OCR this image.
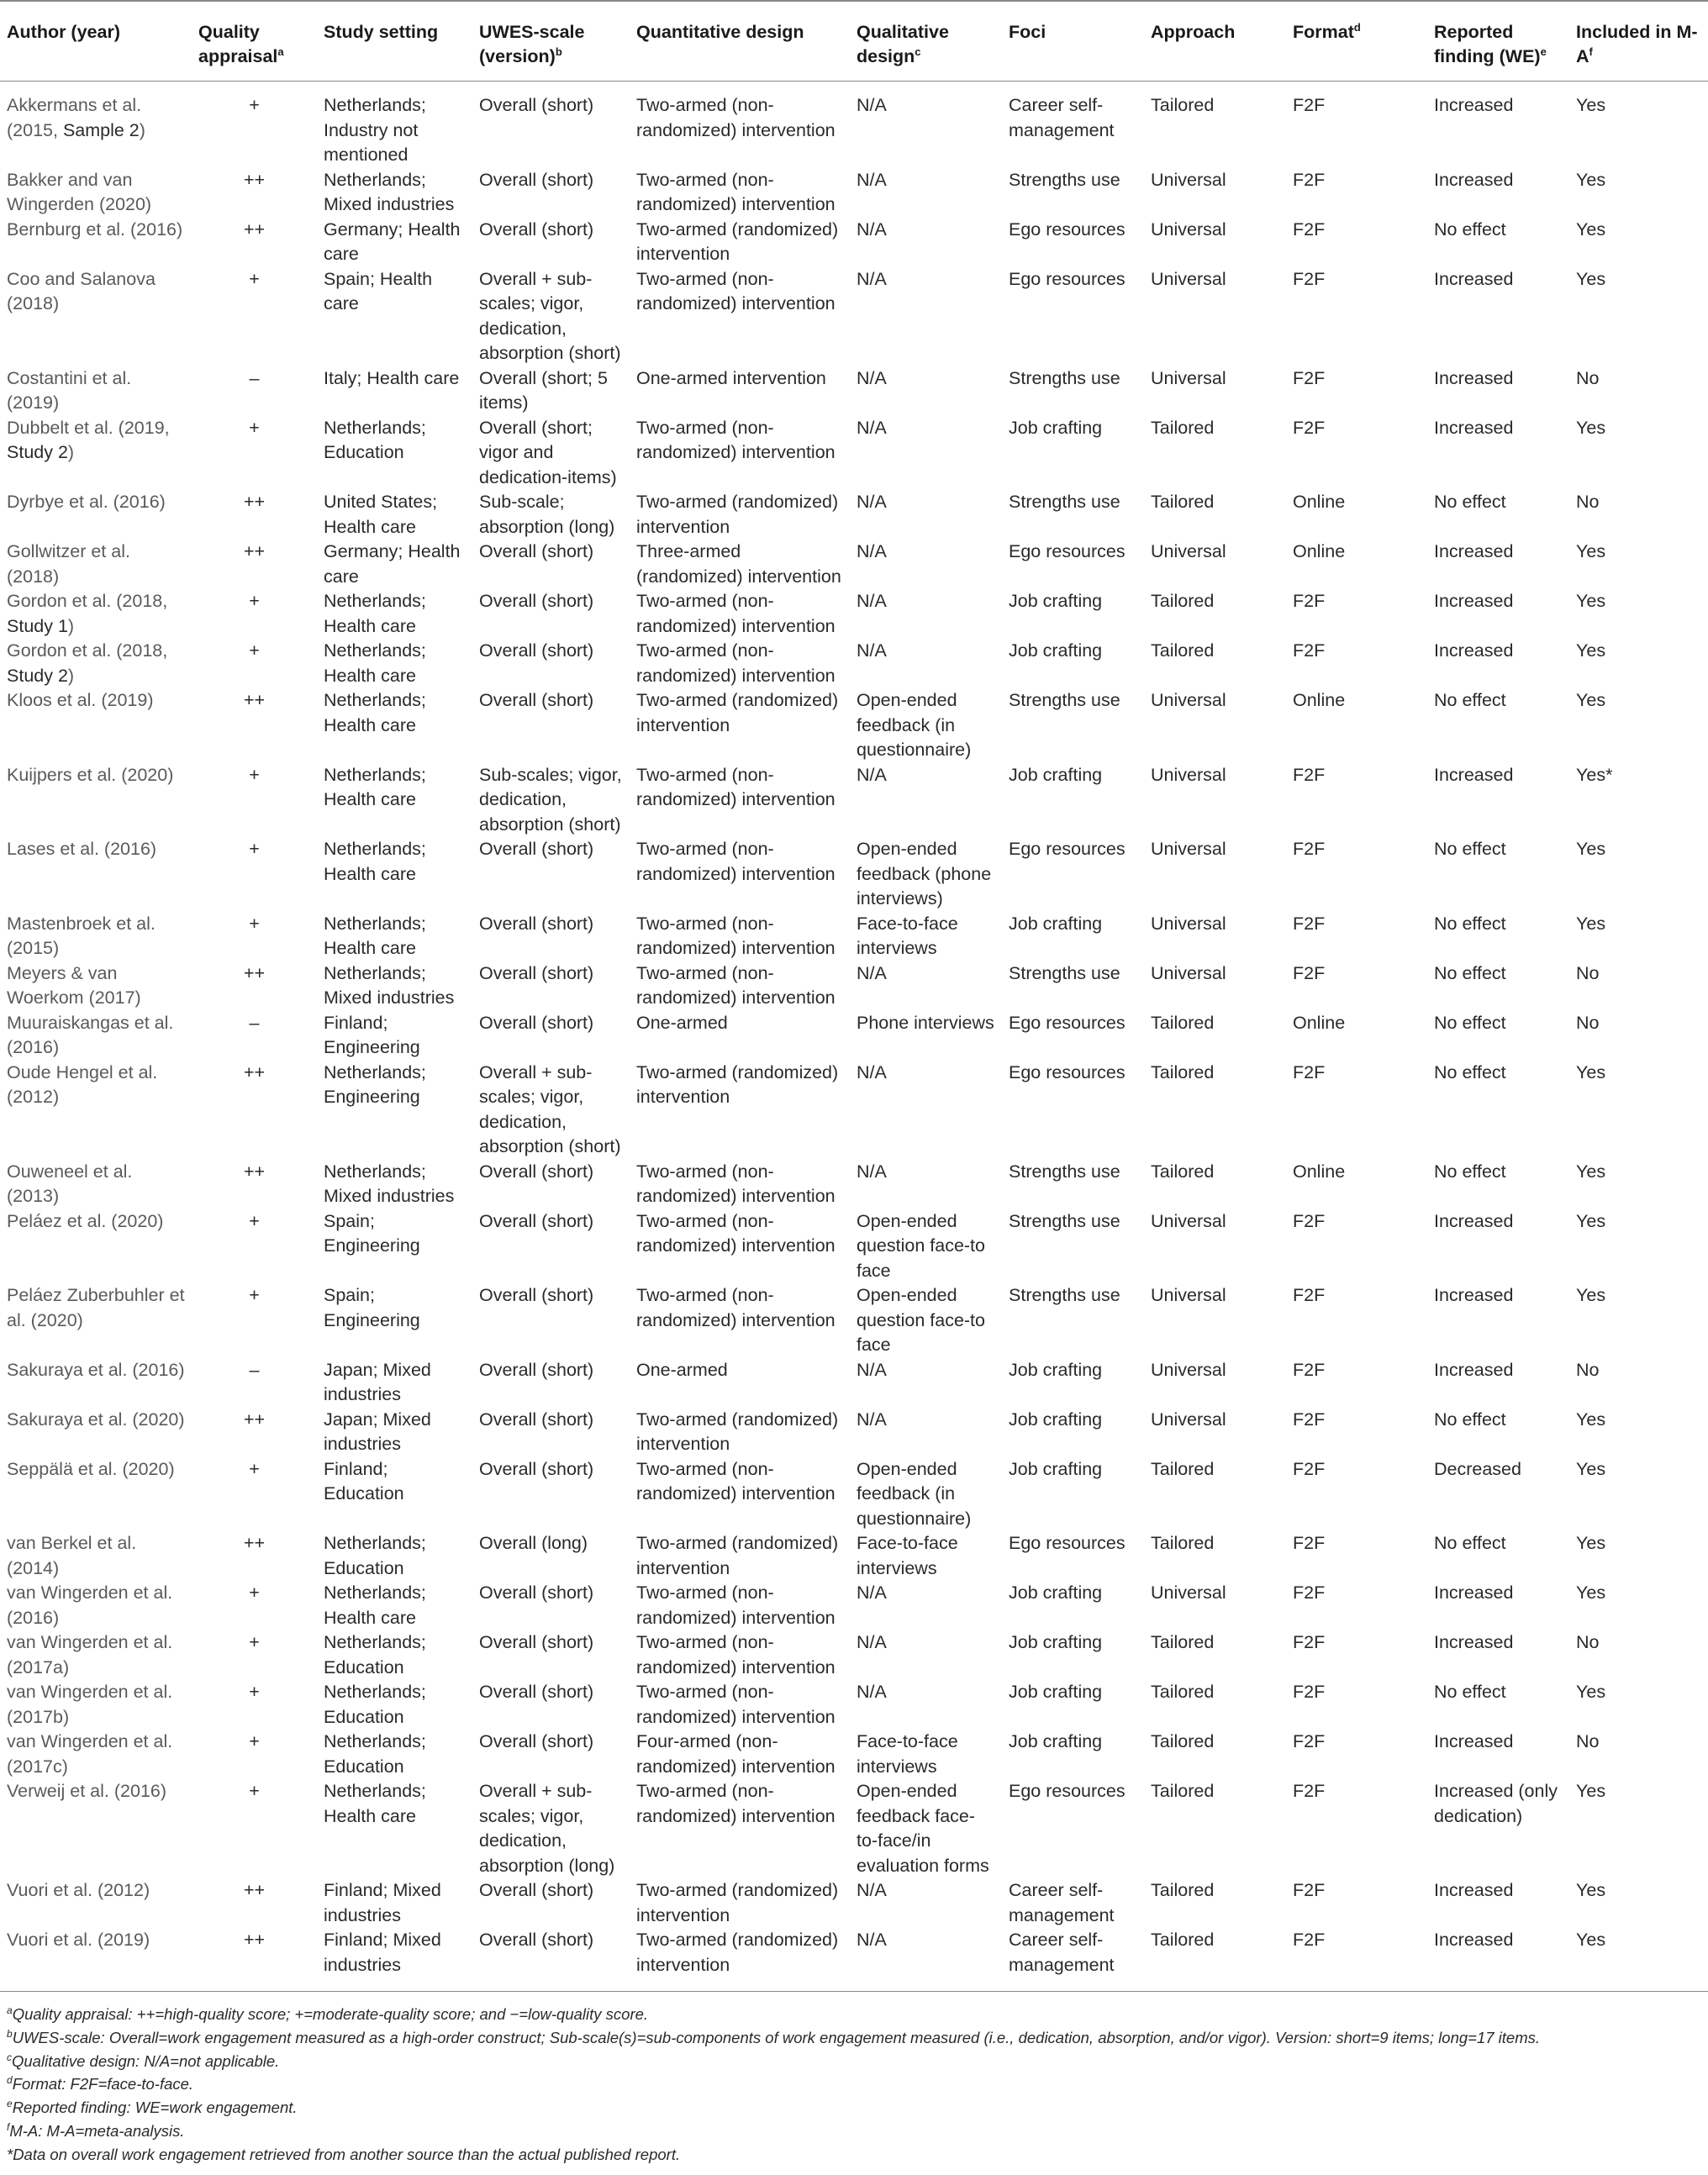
Author (year)	Quality appraisal$^a$	Study setting	UWES-scale (version)$^b$	Quantitative design	Qualitative design$^c$	Foci	Approach	Format$^d$	Reported finding (WE)$^e$	Included in $M-A^f$
Akkermans et al. (2015, Sample 2)	+	Netherlands; Industry not mentioned	Overall (short)	Two-armed (non-randomized) intervention	N/A	Career self-management	Tailored	F2F	Increased	Yes
Bakker and van Wingerden (2020)	++	Netherlands; Mixed industries	Overall (short)	Two-armed (non-randomized) intervention	N/A	Strengths use	Universal	F2F	Increased	Yes
Bernburg et al. (2016)	++	Germany; Health care	Overall (short)	Two-armed (randomized) intervention	N/A	Ego resources	Universal	F2F	No effect	Yes
Coo and Salanova (2018)	+	Spain; Health care	Overall + sub-scales; vigor, dedication, absorption (short)	Two-armed (non-randomized) intervention	N/A	Ego resources	Universal	F2F	Increased	Yes
Costantini et al. (2019)	–	Italy; Health care	Overall (short; 5 items)	One-armed intervention	N/A	Strengths use	Universal	F2F	Increased	No
Dubbelt et al. (2019, Study 2)	+	Netherlands; Education	Overall (short; vigor and dedication-items)	Two-armed (non-randomized) intervention	N/A	Job crafting	Tailored	F2F	Increased	Yes
Dyrbye et al. (2016)	++	United States; Health care	Sub-scale; absorption (long)	Two-armed (randomized) intervention	N/A	Strengths use	Tailored	Online	No effect	No
Gollwitzer et al. (2018)	++	Germany; Health care	Overall (short)	Three-armed (randomized) intervention	N/A	Ego resources	Universal	Online	Increased	Yes
Gordon et al. (2018, Study 1)	+	Netherlands; Health care	Overall (short)	Two-armed (non-randomized) intervention	N/A	Job crafting	Tailored	F2F	Increased	Yes
Gordon et al. (2018, Study 2)	+	Netherlands; Health care	Overall (short)	Two-armed (non-randomized) intervention	N/A	Job crafting	Tailored	F2F	Increased	Yes
Kloos et al. (2019)	++	Netherlands; Health care	Overall (short)	Two-armed (randomized) intervention	Open-ended feedback (in questionnaire)	Strengths use	Universal	Online	No effect	Yes
Kuijpers et al. (2020)	+	Netherlands; Health care	Sub-scales; vigor, dedication, absorption (short)	Two-armed (non-randomized) intervention	N/A	Job crafting	Universal	F2F	Increased	Yes*
Lases et al. (2016)	+	Netherlands; Health care	Overall (short)	Two-armed (non-randomized) intervention	Open-ended feedback (phone interviews)	Ego resources	Universal	F2F	No effect	Yes
Mastenbroek et al. (2015)	+	Netherlands; Health care	Overall (short)	Two-armed (non-randomized) intervention	Face-to-face interviews	Job crafting	Universal	F2F	No effect	Yes
Meyers & van Woerkom (2017)	++	Netherlands; Mixed industries	Overall (short)	Two-armed (non-randomized) intervention	N/A	Strengths use	Universal	F2F	No effect	No
Muuraiskangas et al. (2016)	–	Finland; Engineering	Overall (short)	One-armed	Phone interviews	Ego resources	Tailored	Online	No effect	No
Oude Hengel et al. (2012)	++	Netherlands; Engineering	Overall + sub-scales; vigor, dedication, absorption (short)	Two-armed (randomized) intervention	N/A	Ego resources	Tailored	F2F	No effect	Yes
Ouweneel et al. (2013)	++	Netherlands; Mixed industries	Overall (short)	Two-armed (non-randomized) intervention	N/A	Strengths use	Tailored	Online	No effect	Yes
Peláez et al. (2020)	+	Spain; Engineering	Overall (short)	Two-armed (non-randomized) intervention	Open-ended question face-to face	Strengths use	Universal	F2F	Increased	Yes
Peláez Zuberbuhler et al. (2020)	+	Spain; Engineering	Overall (short)	Two-armed (non-randomized) intervention	Open-ended question face-to face	Strengths use	Universal	F2F	Increased	Yes
Sakuraya et al. (2016)	–	Japan; Mixed industries	Overall (short)	One-armed	N/A	Job crafting	Universal	F2F	Increased	No
Sakuraya et al. (2020)	++	Japan; Mixed industries	Overall (short)	Two-armed (randomized) intervention	N/A	Job crafting	Universal	F2F	No effect	Yes
Seppälä et al. (2020)	+	Finland; Education	Overall (short)	Two-armed (non-randomized) intervention	Open-ended feedback (in questionnaire)	Job crafting	Tailored	F2F	Decreased	Yes
van Berkel et al. (2014)	++	Netherlands; Education	Overall (long)	Two-armed (randomized) intervention	Face-to-face interviews	Ego resources	Tailored	F2F	No effect	Yes
van Wingerden et al. (2016)	+	Netherlands; Health care	Overall (short)	Two-armed (non-randomized) intervention	N/A	Job crafting	Universal	F2F	Increased	Yes
van Wingerden et al. (2017a)	+	Netherlands; Education	Overall (short)	Two-armed (non-randomized) intervention	N/A	Job crafting	Tailored	F2F	Increased	No
van Wingerden et al. (2017b)	+	Netherlands; Education	Overall (short)	Two-armed (non-randomized) intervention	N/A	Job crafting	Tailored	F2F	No effect	Yes
van Wingerden et al. (2017c)	+	Netherlands; Education	Overall (short)	Four-armed (non-randomized) intervention	Face-to-face interviews	Job crafting	Tailored	F2F	Increased	No
Verweij et al. (2016)	+	Netherlands; Health care	Overall + sub-scales; vigor, dedication, absorption (long)	Two-armed (non-randomized) intervention	Open-ended feedback face-to-face/in evaluation forms	Ego resources	Tailored	F2F	Increased (only dedication)	Yes
Vuori et al. (2012)	++	Finland; Mixed industries	Overall (short)	Two-armed (randomized) intervention	N/A	Career self-management	Tailored	F2F	Increased	Yes
Vuori et al. (2019)	++	Finland; Mixed industries	Overall (short)	Two-armed (randomized) intervention	N/A	Career self-management	Tailored	F2F	Increased	Yes
$^a$Quality appraisal: ++=high-quality score; +=moderate-quality score; and −=low-quality score.
$^b$UWES-scale: Overall=work engagement measured as a high-order construct; Sub-scale(s)=sub-components of work engagement measured (i.e., dedication, absorption, and/or vigor). Version: short=9 items; long=17 items.
$^c$Qualitative design: N/A=not applicable.
$^d$Format: F2F=face-to-face.
$^e$Reported finding: WE=work engagement.
$^f$M-A: M-A=meta-analysis.
*Data on overall work engagement retrieved from another source than the actual published report.
